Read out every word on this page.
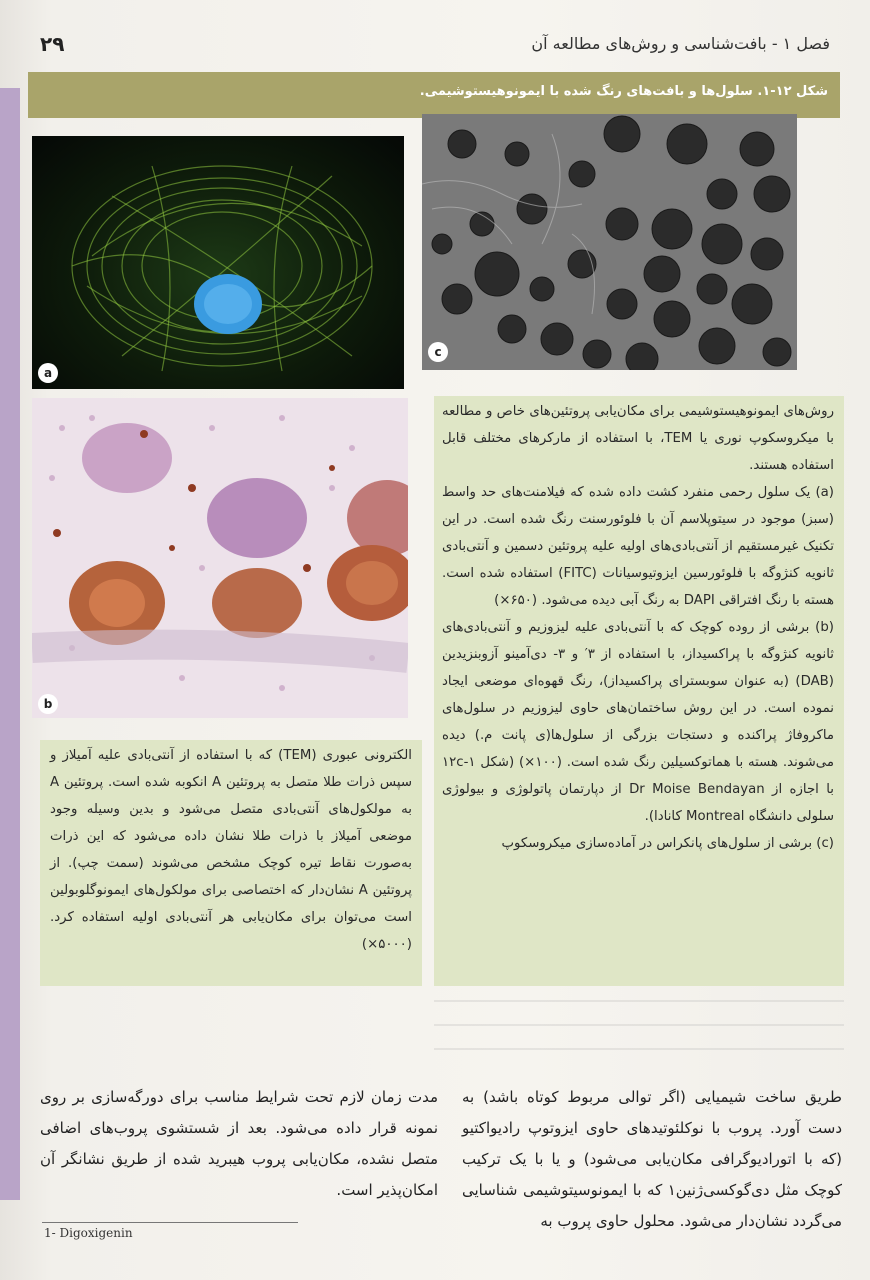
فصل ۱ - بافت‌شناسی و روش‌های مطالعه آن
۲۹
شکل ۱۲-۱. سلول‌ها و بافت‌های رنگ شده با ایمونوهیستوشیمی.
a
c
b

روش‌های ایمونوهیستوشیمی برای مکان‌یابی پروتئین‌های خاص و مطالعه با میکروسکوپ نوری یا TEM، با استفاده از مارکرهای مختلف قابل استفاده هستند.

(a) یک سلول رحمی منفرد کشت داده شده که فیلامنت‌های حد واسط (سبز) موجود در سیتوپلاسم آن با فلوئورسنت رنگ شده است. در این تکنیک غیرمستقیم از آنتی‌بادی‌های اولیه علیه پروتئین دسمین و آنتی‌بادی ثانویه کنژوگه با فلوئورسین ایزوتیوسیانات (FITC) استفاده شده است. هسته با رنگ افتراقی DAPI به رنگ آبی دیده می‌شود. (۶۵۰×)

(b) برشی از روده کوچک که با آنتی‌بادی علیه لیزوزیم و آنتی‌بادی‌های ثانویه کنژوگه با پراکسیداز، با استفاده از ۳′ و ۳- دی‌آمینو آزوبنزیدین (DAB) (به عنوان سوبسترای پراکسیداز)، رنگ قهوه‌ای موضعی ایجاد نموده است. در این روش ساختمان‌های حاوی لیزوزیم در سلول‌های ماکروفاژ پراکنده و دستجات بزرگی از سلول‌ها(ی پانت م.) دیده می‌شوند. هسته با هماتوکسیلین رنگ شده است. (۱۰۰×) (شکل ۱۲c-۱ با اجازه از Dr Moise Bendayan از دپارتمان پاتولوژی و بیولوژی سلولی دانشگاه Montreal کانادا).

(c) برشی از سلول‌های پانکراس در آماده‌سازی میکروسکوپ

الکترونی عبوری (TEM) که با استفاده از آنتی‌بادی علیه آمیلاز و سپس ذرات طلا متصل به پروتئین A انکوبه شده است. پروتئین A به مولکول‌های آنتی‌بادی متصل می‌شود و بدین وسیله وجود موضعی آمیلاز با ذرات طلا نشان داده می‌شود که این ذرات به‌صورت نقاط تیره کوچک مشخص می‌شوند (سمت چپ). از پروتئین A نشان‌دار که اختصاصی برای مولکول‌های ایمونوگلوبولین است می‌توان برای مکان‌یابی هر آنتی‌بادی اولیه استفاده کرد. (۵۰۰۰×)

طریق ساخت شیمیایی (اگر توالی مربوط کوتاه باشد) به دست آورد. پروب با نوکلئوتیدهای حاوی ایزوتوپ رادیواکتیو (که با اتورادیوگرافی مکان‌یابی می‌شود) و یا با یک ترکیب کوچک مثل دی‌گوکسی‌ژنین۱ که با ایمونوسیتوشیمی شناسایی می‌گردد نشان‌دار می‌شود. محلول حاوی پروب به

مدت زمان لازم تحت شرایط مناسب برای دورگه‌سازی بر روی نمونه قرار داده می‌شود. بعد از شستشوی پروب‌های اضافی متصل نشده، مکان‌یابی پروب هیبرید شده از طریق نشانگر آن امکان‌پذیر است.

1- Digoxigenin
